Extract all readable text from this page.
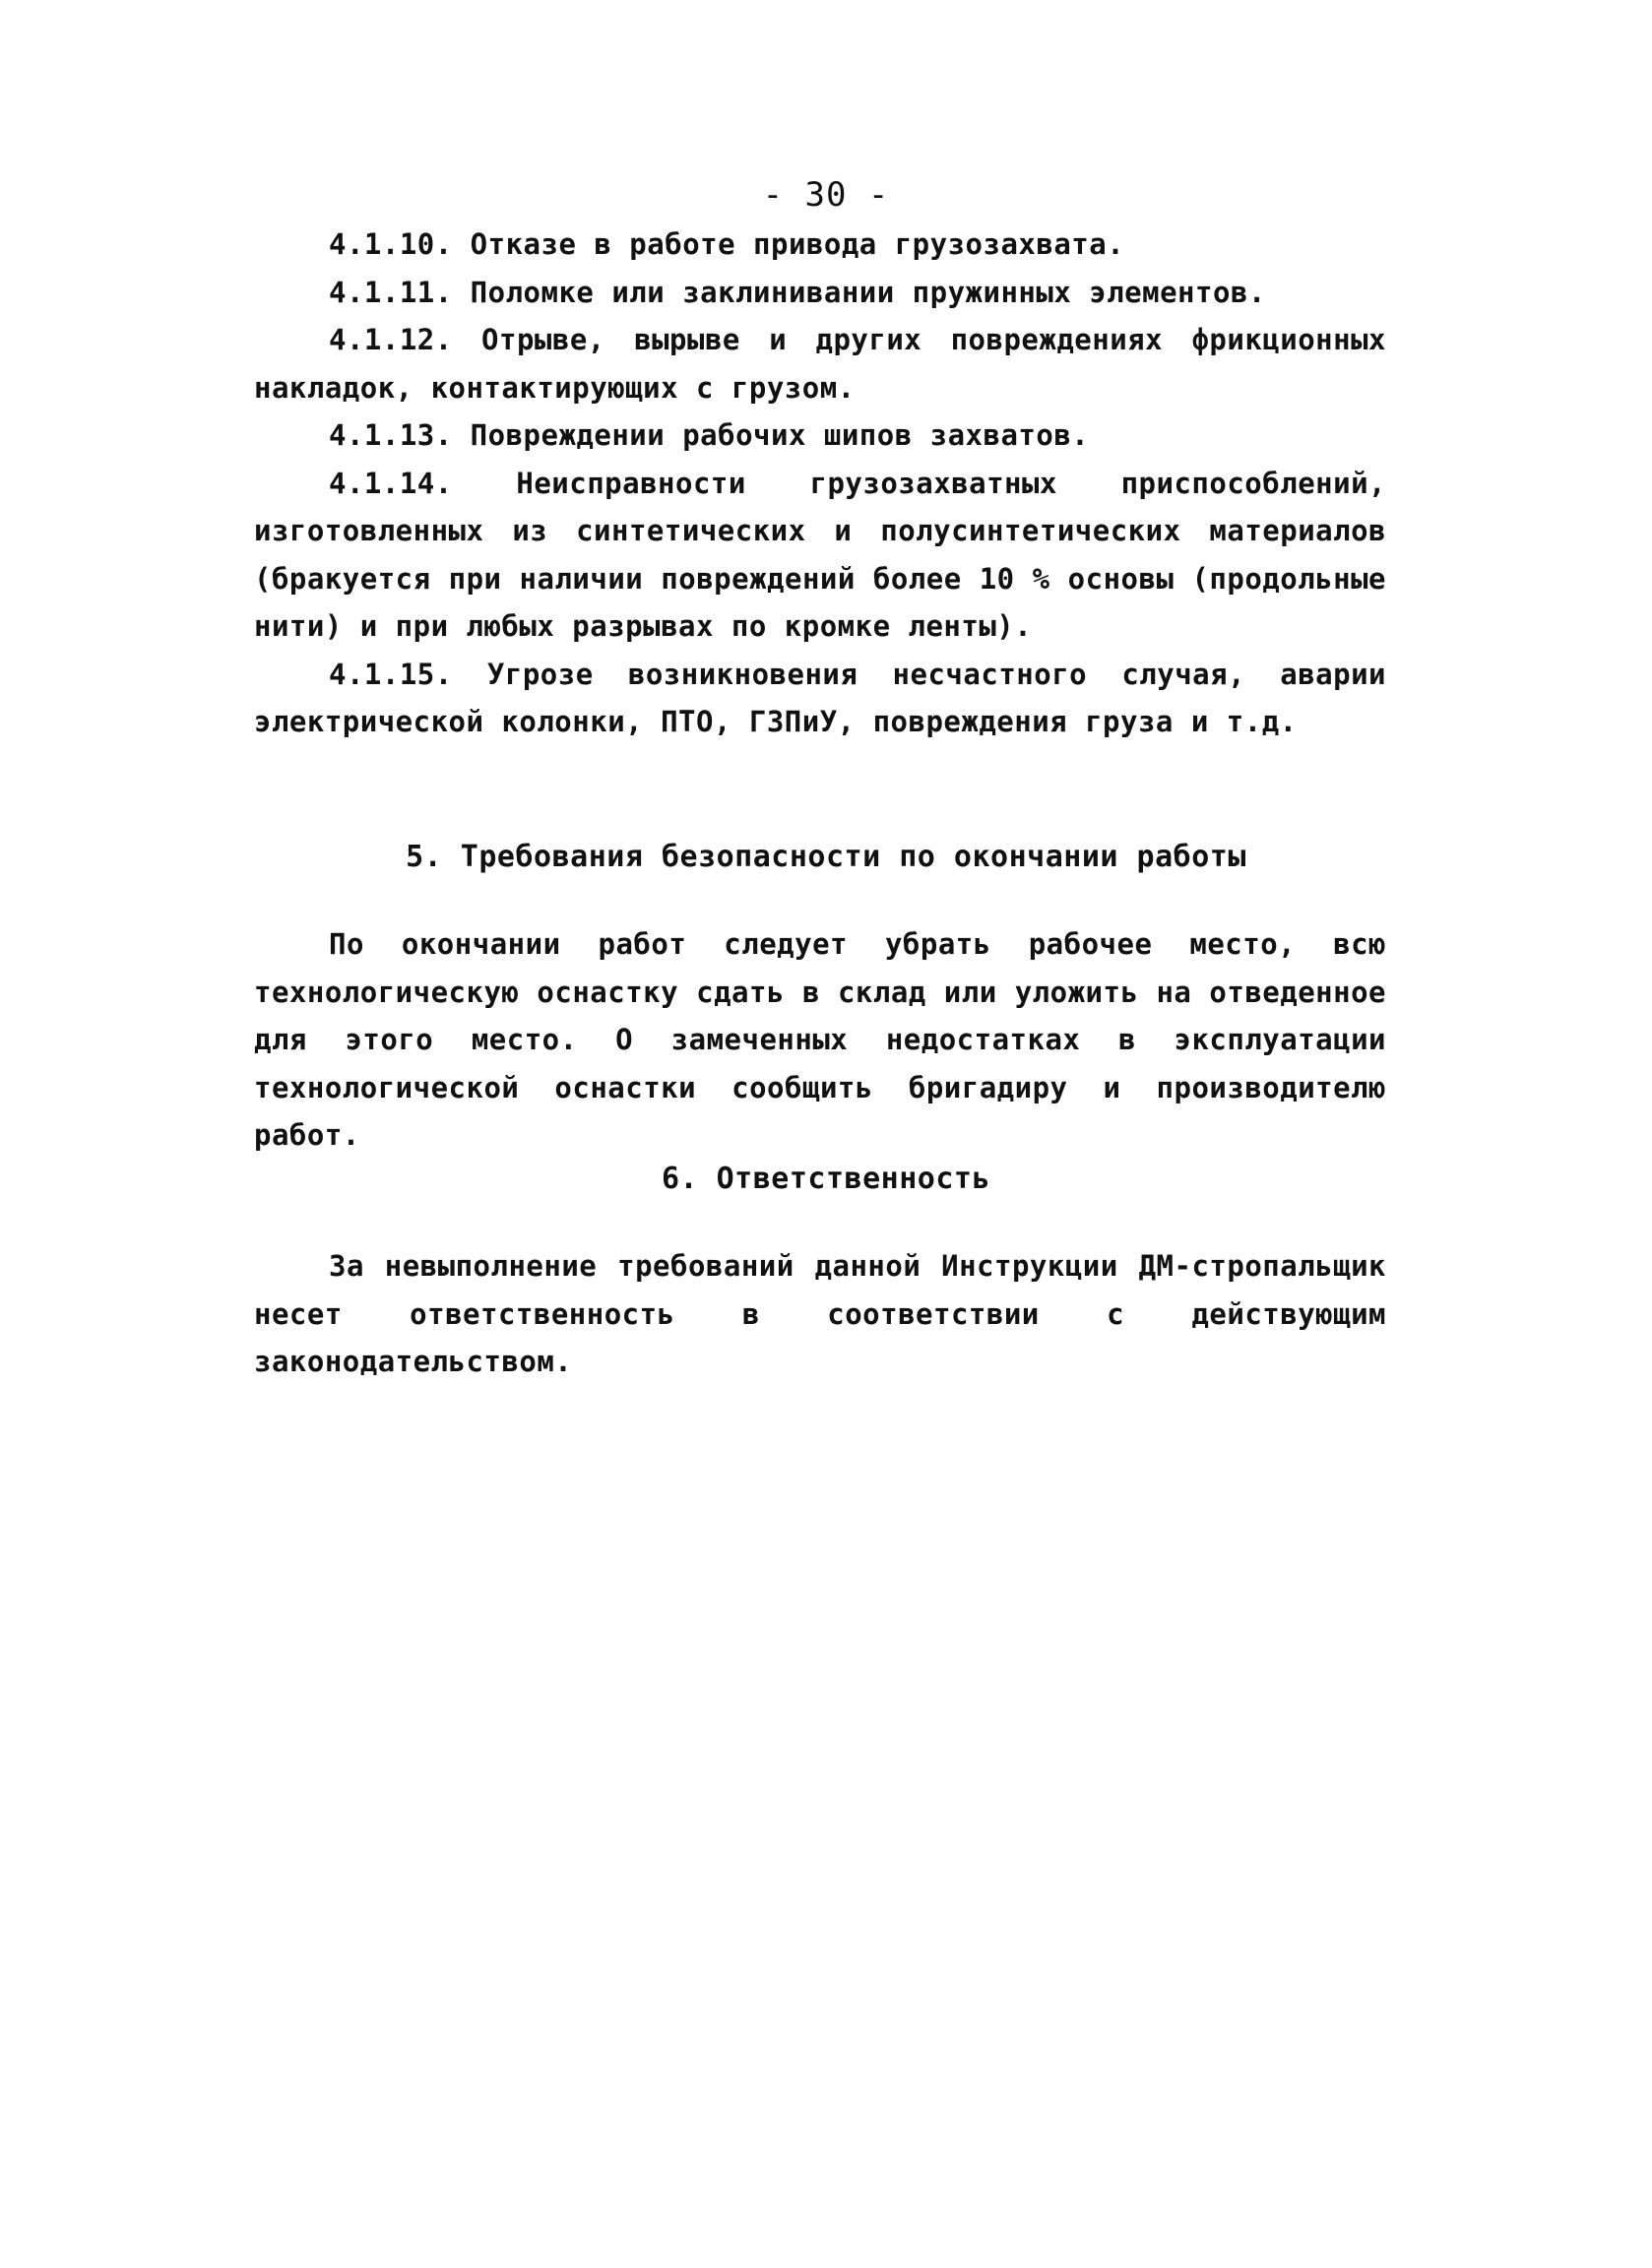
- 30 -

4.1.10. Отказе в работе привода грузозахвата.

4.1.11. Поломке или заклинивании пружинных элементов.

4.1.12. Отрыве, вырыве и других повреждениях фрикционных накладок, контактирующих с грузом.

4.1.13. Повреждении рабочих шипов захватов.

4.1.14. Неисправности грузозахватных приспособлений, изготовленных из синтетических и полусинтетических материалов (бракуется при наличии повреждений более 10 % основы (продольные нити) и при любых разрывах по кромке ленты).

4.1.15. Угрозе возникновения несчастного случая, аварии электрической колонки, ПТО, ГЗПиУ, повреждения груза и т.д.

5. Требования безопасности по окончании работы

По окончании работ следует убрать рабочее место, всю технологическую оснастку сдать в склад или уложить на отведенное для этого место. О замеченных недостатках в эксплуатации технологической оснастки сообщить бригадиру и производителю работ.

6. Ответственность

За невыполнение требований данной Инструкции ДМ-стропальщик несет ответственность в соответствии с действующим законодательством.
